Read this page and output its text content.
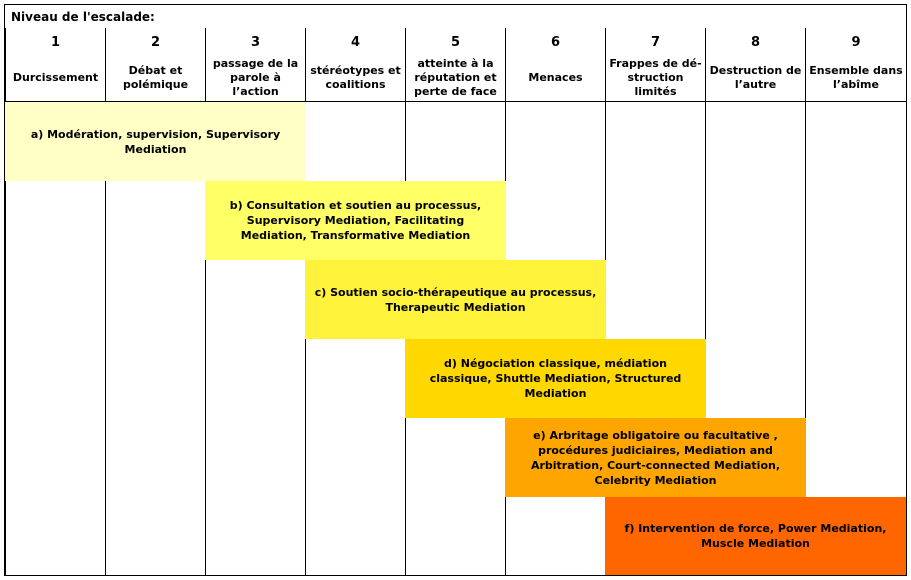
Niveau de l'escalade:
1
Durcissement
2
Débat et polémique
3
passage de la parole à l’action
4
stéréotypes et coalitions
5
atteinte à la réputation et perte de face
6
Menaces
7
Frappes de dé-struction limités
8
Destruction de l’autre
9
Ensemble dans l’abîme
a) Modération, supervision, Supervisory Mediation
b) Consultation et soutien au processus, Supervisory Mediation, Facilitating Mediation, Transformative Mediation
c) Soutien socio-thérapeutique au processus, Therapeutic Mediation
d) Négociation classique, médiation classique, Shuttle Mediation, Structured Mediation
e) Arbritage obligatoire ou facultative , procédures judiciaires, Mediation and Arbitration, Court-connected Mediation, Celebrity Mediation
f) Intervention de force, Power Mediation, Muscle Mediation
